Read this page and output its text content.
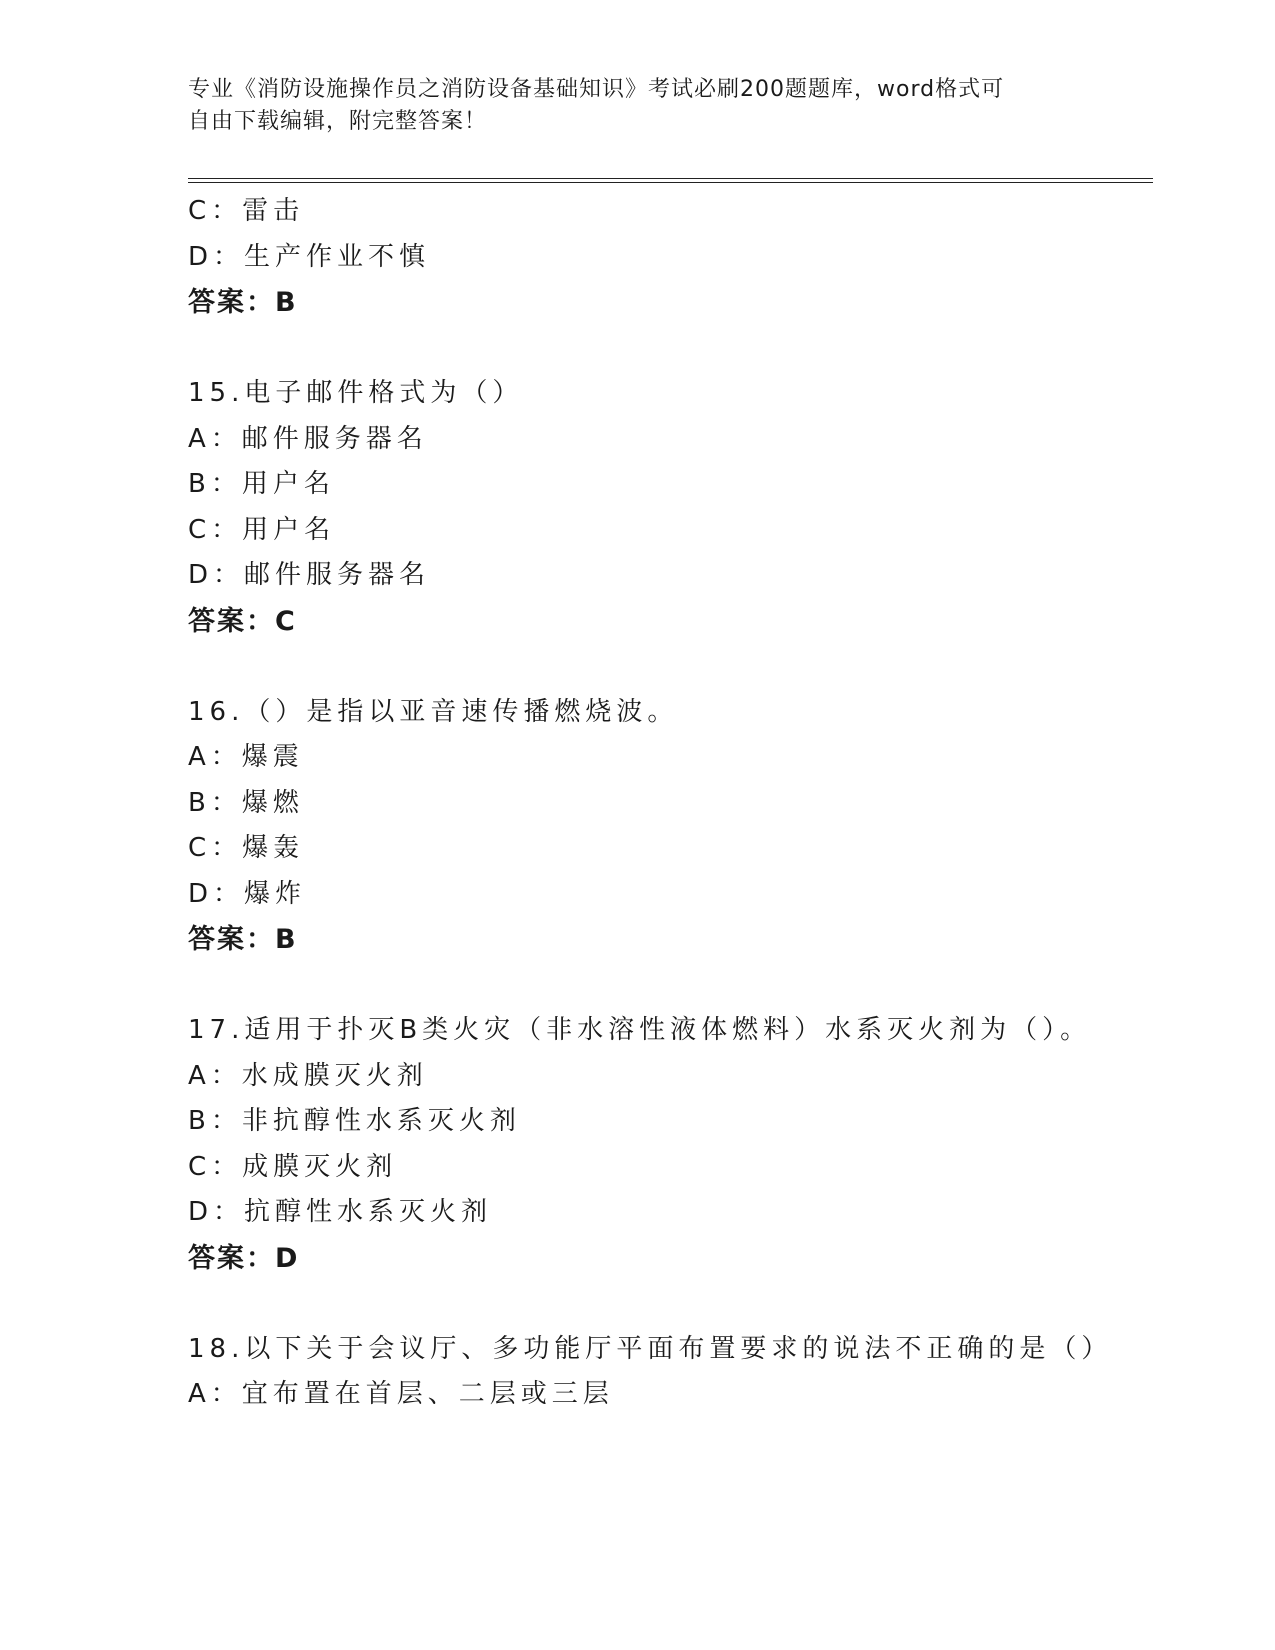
专业《消防设施操作员之消防设备基础知识》考试必刷200题题库，word格式可
自由下载编辑，附完整答案！
C：雷击
D：生产作业不慎
答案：B
15.电子邮件格式为（）
A：邮件服务器名
B：用户名
C：用户名
D：邮件服务器名
答案：C
16.（）是指以亚音速传播燃烧波。
A：爆震
B：爆燃
C：爆轰
D：爆炸
答案：B
17.适用于扑灭B类火灾（非水溶性液体燃料）水系灭火剂为（）。
A：水成膜灭火剂
B：非抗醇性水系灭火剂
C：成膜灭火剂
D：抗醇性水系灭火剂
答案：D
18.以下关于会议厅、多功能厅平面布置要求的说法不正确的是（）
A：宜布置在首层、二层或三层
